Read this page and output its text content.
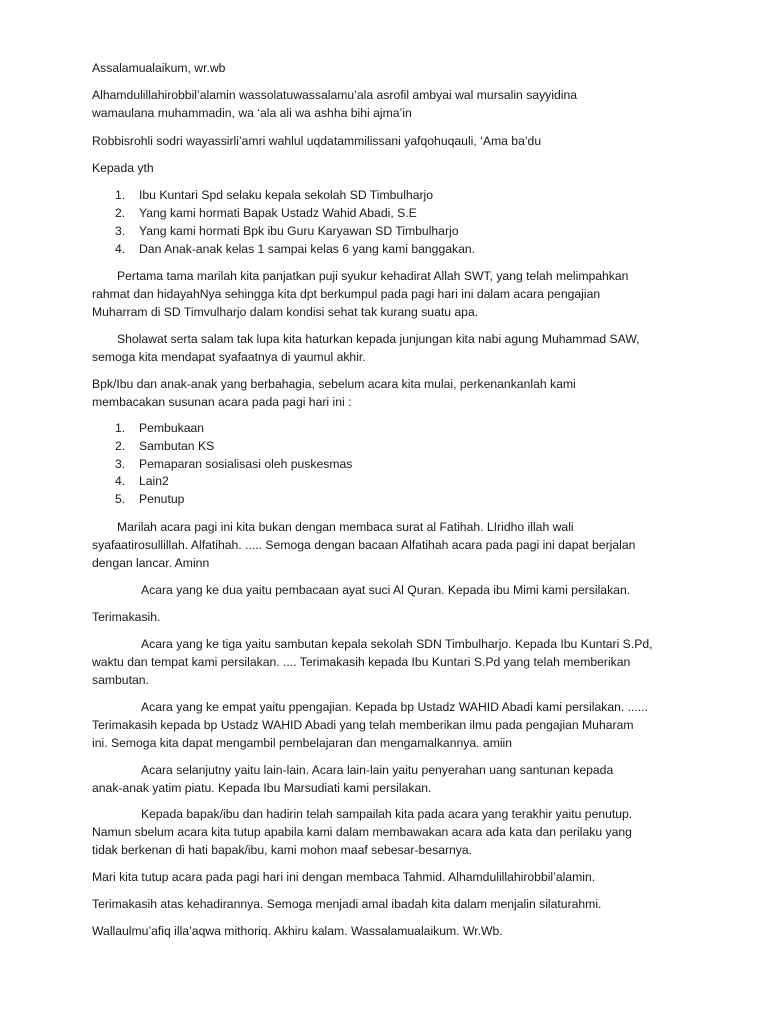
Assalamualaikum, wr.wb
Alhamdulillahirobbil’alamin wassolatuwassalamu’ala asrofil ambyai wal mursalin sayyidina
wamaulana muhammadin, wa ‘ala ali wa ashha bihi ajma’in
Robbisrohli sodri wayassirli’amri wahlul uqdatammilissani yafqohuqauli, ‘Ama ba’du
Kepada yth
1. Ibu Kuntari Spd selaku kepala sekolah SD Timbulharjo
2. Yang kami hormati Bapak Ustadz Wahid Abadi, S.E
3. Yang kami hormati Bpk ibu Guru Karyawan SD Timbulharjo
4. Dan Anak-anak kelas 1 sampai kelas 6 yang kami banggakan.
Pertama tama marilah kita panjatkan puji syukur kehadirat Allah SWT, yang telah melimpahkan
rahmat dan hidayahNya sehingga kita dpt berkumpul pada pagi hari ini dalam acara pengajian
Muharram di SD Timvulharjo dalam kondisi sehat tak kurang suatu apa.
Sholawat serta salam tak lupa kita haturkan kepada junjungan kita nabi agung Muhammad SAW,
semoga kita mendapat syafaatnya di yaumul akhir.
Bpk/Ibu dan anak-anak yang berbahagia, sebelum acara kita mulai, perkenankanlah kami
membacakan susunan acara pada pagi hari ini :
1. Pembukaan
2. Sambutan KS
3. Pemaparan sosialisasi oleh puskesmas
4. Lain2
5. Penutup
Marilah acara pagi ini kita bukan dengan membaca surat al Fatihah. LIridho illah wali
syafaatirosullillah. Alfatihah. ..... Semoga dengan bacaan Alfatihah acara pada pagi ini dapat berjalan
dengan lancar. Aminn
Acara yang ke dua yaitu pembacaan ayat suci Al Quran. Kepada ibu Mimi kami persilakan.
Terimakasih.
Acara yang ke tiga yaitu sambutan kepala sekolah SDN Timbulharjo. Kepada Ibu Kuntari S.Pd,
waktu dan tempat kami persilakan. .... Terimakasih kepada Ibu Kuntari S.Pd yang telah memberikan
sambutan.
Acara yang ke empat yaitu ppengajian. Kepada bp Ustadz WAHID Abadi kami persilakan. ......
Terimakasih kepada bp Ustadz WAHID Abadi yang telah memberikan ilmu pada pengajian Muharam
ini. Semoga kita dapat mengambil pembelajaran dan mengamalkannya. amiin
Acara selanjutny yaitu lain-lain. Acara lain-lain yaitu penyerahan uang santunan kepada
anak-anak yatim piatu. Kepada Ibu Marsudiati kami persilakan.
Kepada bapak/ibu dan hadirin telah sampailah kita pada acara yang terakhir yaitu penutup.
Namun sbelum acara kita tutup apabila kami dalam membawakan acara ada kata dan perilaku yang
tidak berkenan di hati bapak/ibu, kami mohon maaf sebesar-besarnya.
Mari kita tutup acara pada pagi hari ini dengan membaca Tahmid. Alhamdulillahirobbil’alamin.
Terimakasih atas kehadirannya. Semoga menjadi amal ibadah kita dalam menjalin silaturahmi.
Wallaulmu’afiq illa’aqwa mithoriq. Akhiru kalam. Wassalamualaikum. Wr.Wb.
